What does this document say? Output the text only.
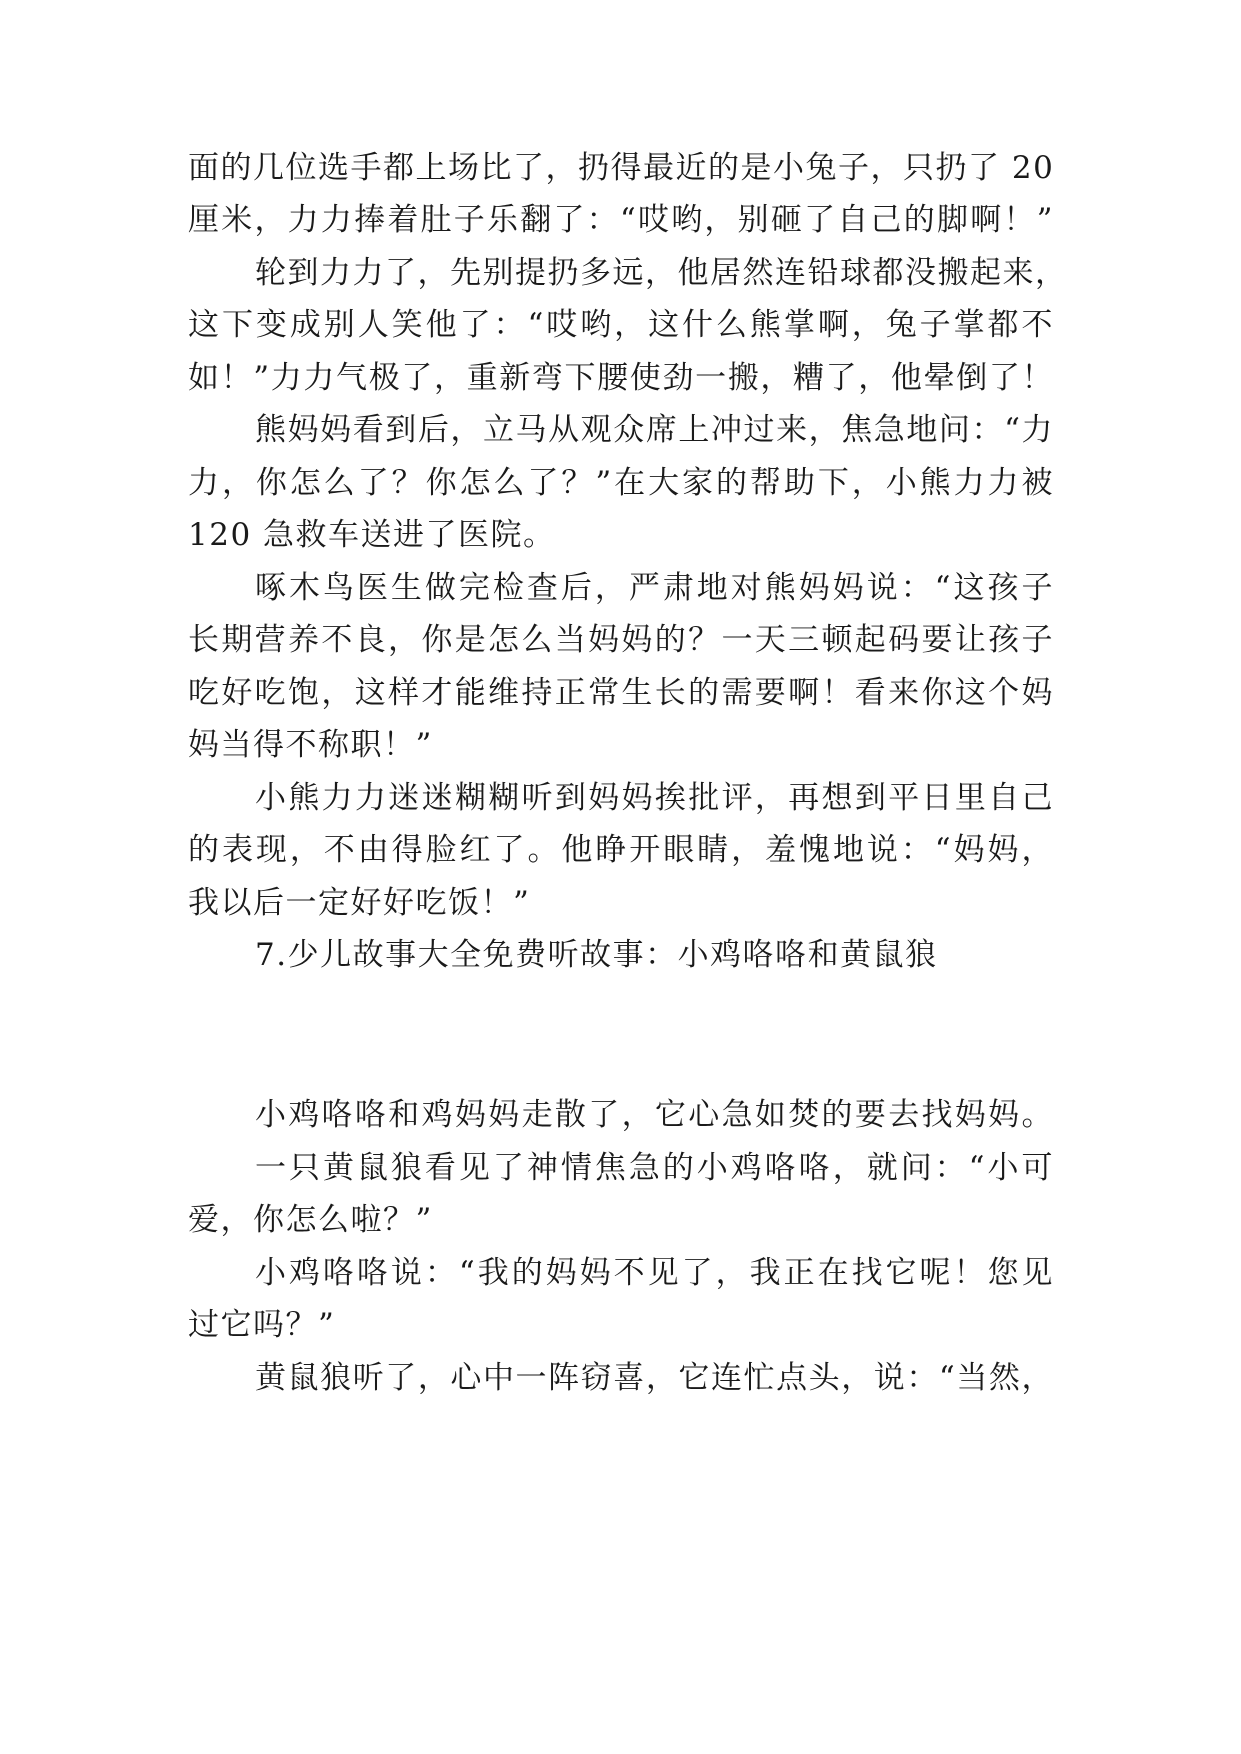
面的几位选手都上场比了，扔得最近的是小兔子，只扔了 20
厘米，力力捧着肚子乐翻了：“哎哟，别砸了自己的脚啊！”
轮到力力了，先别提扔多远，他居然连铅球都没搬起来，
这下变成别人笑他了：“哎哟，这什么熊掌啊，兔子掌都不
如！”力力气极了，重新弯下腰使劲一搬，糟了，他晕倒了！
熊妈妈看到后，立马从观众席上冲过来，焦急地问：“力
力，你怎么了？你怎么了？”在大家的帮助下，小熊力力被
120 急救车送进了医院。
啄木鸟医生做完检查后，严肃地对熊妈妈说：“这孩子
长期营养不良，你是怎么当妈妈的？一天三顿起码要让孩子
吃好吃饱，这样才能维持正常生长的需要啊！看来你这个妈
妈当得不称职！”
小熊力力迷迷糊糊听到妈妈挨批评，再想到平日里自己
的表现，不由得脸红了。他睁开眼睛，羞愧地说：“妈妈，
我以后一定好好吃饭！”
7.少儿故事大全免费听故事：小鸡咯咯和黄鼠狼
小鸡咯咯和鸡妈妈走散了，它心急如焚的要去找妈妈。
一只黄鼠狼看见了神情焦急的小鸡咯咯，就问：“小可
爱，你怎么啦？”
小鸡咯咯说：“我的妈妈不见了，我正在找它呢！您见
过它吗？”
黄鼠狼听了，心中一阵窃喜，它连忙点头，说：“当然，
